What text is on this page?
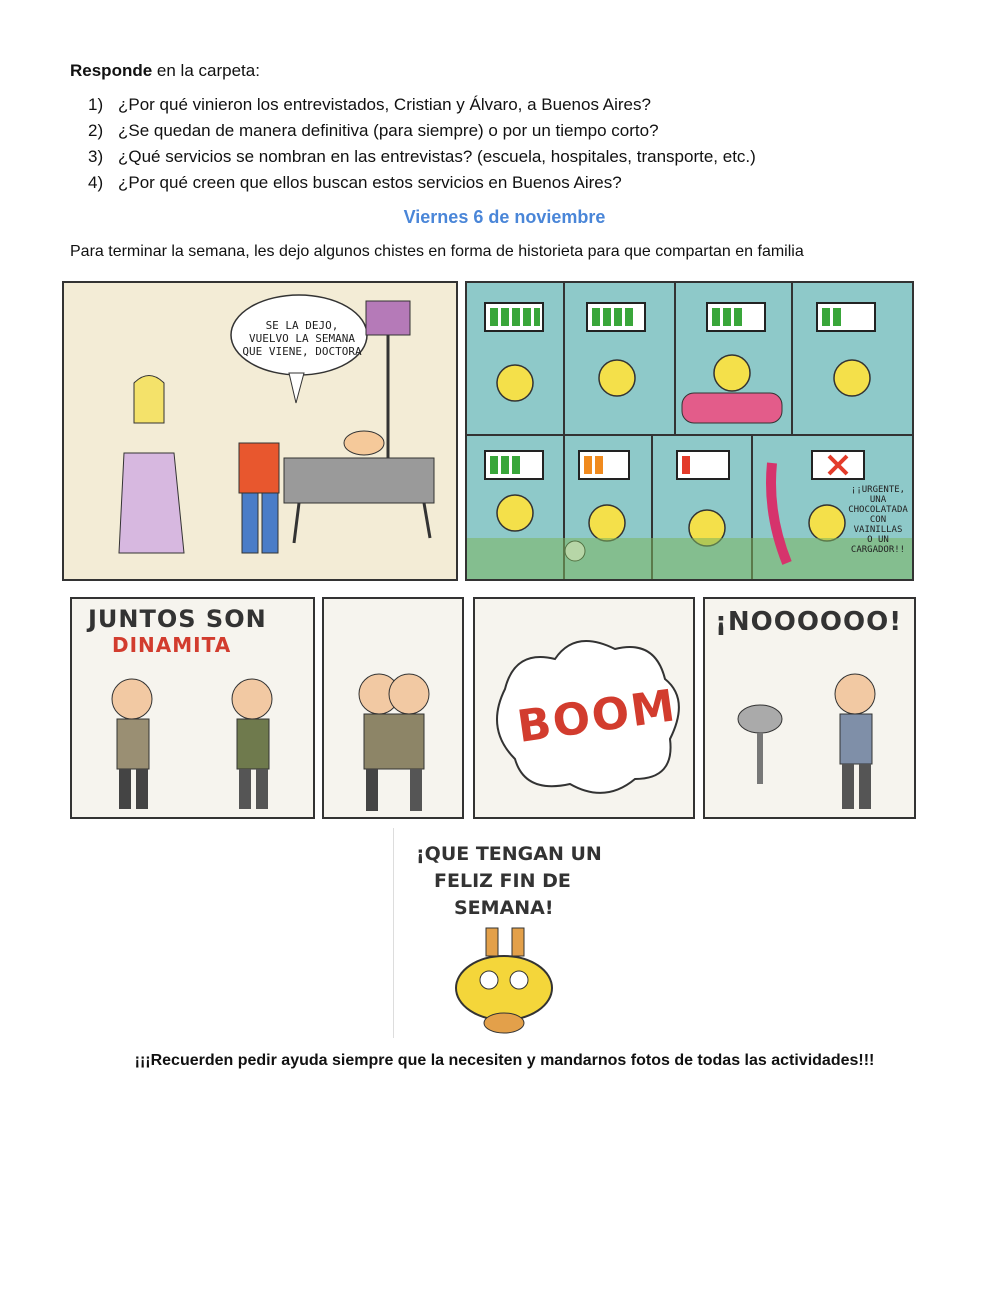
Responde en la carpeta:
1) ¿Por qué vinieron los entrevistados, Cristian y Álvaro, a Buenos Aires?
2) ¿Se quedan de manera definitiva (para siempre) o por un tiempo corto?
3) ¿Qué servicios se nombran en las entrevistas? (escuela, hospitales, transporte, etc.)
4) ¿Por qué creen que ellos buscan estos servicios en Buenos Aires?
Viernes 6 de noviembre
Para terminar la semana, les dejo algunos chistes en forma de historieta para que compartan en familia
SE LA DEJO,
VUELVO LA SEMANA
QUE VIENE, DOCTORA
¡¡URGENTE,
UNA
CHOCOLATADA
CON
VAINILLAS
O UN
CARGADOR!!
JUNTOS SON
DINAMITA
BOOM
¡NOOOOOO!
¡QUE TENGAN UN
FELIZ FIN DE
SEMANA!
¡¡¡Recuerden pedir ayuda siempre que la necesiten y mandarnos fotos de todas las actividades!!!
